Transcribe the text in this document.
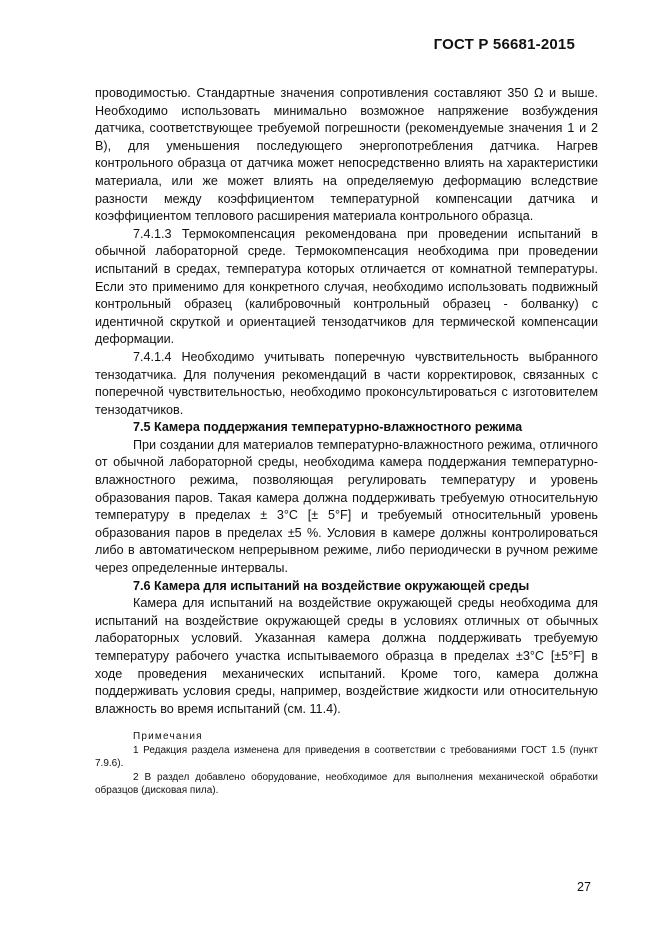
ГОСТ Р 56681-2015

проводимостью. Стандартные значения сопротивления составляют 350 Ω и выше. Необходимо использовать минимально возможное напряжение возбуждения датчика, соответствующее требуемой погрешности (рекомендуемые значения 1 и 2 В), для уменьшения последующего энергопотребления датчика. Нагрев контрольного образца от датчика может непосредственно влиять на характеристики материала, или же может влиять на определяемую деформацию вследствие разности между коэффициентом температурной компенсации датчика и коэффициентом теплового расширения материала контрольного образца.

7.4.1.3 Термокомпенсация рекомендована при проведении испытаний в обычной лабораторной среде. Термокомпенсация необходима при проведении испытаний в средах, температура которых отличается от комнатной температуры. Если это применимо для конкретного случая, необходимо использовать подвижный контрольный образец (калибровочный контрольный образец - болванку) с идентичной скруткой и ориентацией тензодатчиков для термической компенсации деформации.

7.4.1.4 Необходимо учитывать поперечную чувствительность выбранного тензодатчика. Для получения рекомендаций в части корректировок, связанных с поперечной чувствительностью, необходимо проконсультироваться с изготовителем тензодатчиков.

7.5 Камера поддержания температурно-влажностного режима

При создании для материалов температурно-влажностного режима, отличного от обычной лабораторной среды, необходима камера поддержания температурно-влажностного режима, позволяющая регулировать температуру и уровень образования паров. Такая камера должна поддерживать требуемую относительную температуру в пределах ± 3°С [± 5°F] и требуемый относительный уровень образования паров в пределах ±5 %. Условия в камере должны контролироваться либо в автоматическом непрерывном режиме, либо периодически в ручном режиме через определенные интервалы.

7.6 Камера для испытаний на воздействие окружающей среды

Камера для испытаний на воздействие окружающей среды необходима для испытаний на воздействие окружающей среды в условиях отличных от обычных лабораторных условий. Указанная камера должна поддерживать требуемую температуру рабочего участка испытываемого образца в пределах ±3°С [±5°F] в ходе проведения механических испытаний. Кроме того, камера должна поддерживать условия среды, например, воздействие жидкости или относительную влажность во время испытаний (см. 11.4).

Примечания

1 Редакция раздела изменена для приведения в соответствии с требованиями ГОСТ 1.5 (пункт 7.9.6).

2 В раздел добавлено оборудование, необходимое для выполнения механической обработки образцов (дисковая пила).

27
